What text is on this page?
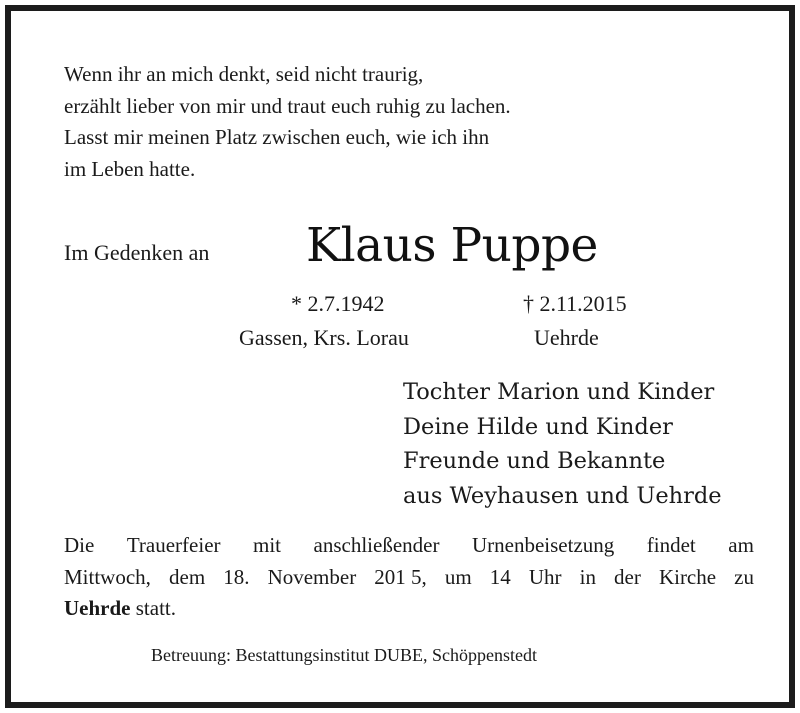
Wenn ihr an mich denkt, seid nicht traurig,
erzählt lieber von mir und traut euch ruhig zu lachen.
Lasst mir meinen Platz zwischen euch, wie ich ihn
im Leben hatte.
Im Gedenken an Klaus Puppe
* 2.7.1942
Gassen, Krs. Lorau
† 2.11.2015
Uehrde
Tochter Marion und Kinder
Deine Hilde und Kinder
Freunde und Bekannte
aus Weyhausen und Uehrde
Die Trauerfeier mit anschließender Urnenbeisetzung findet am
Mittwoch, dem 18. November 201 5, um 14 Uhr in der Kirche zu
Uehrde statt.
Betreuung: Bestattungsinstitut DUBE, Schöppenstedt
